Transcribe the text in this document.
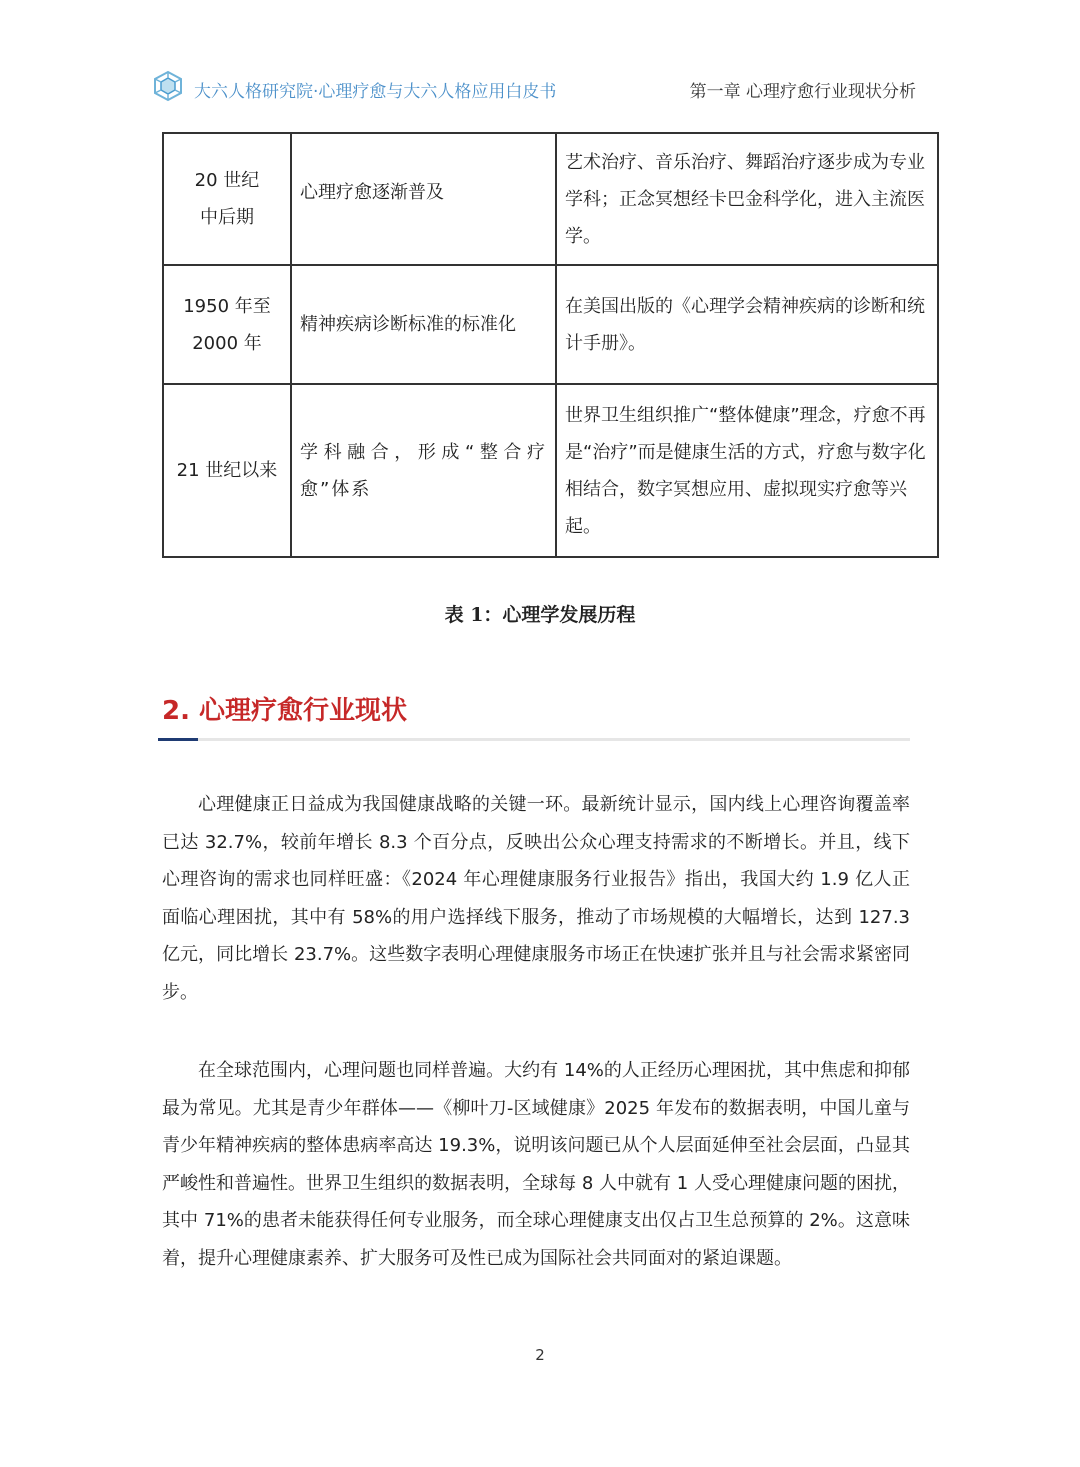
大六人格研究院·心理疗愈与大六人格应用白皮书	第一章 心理疗愈行业现状分析
20 世纪
中后期	心理疗愈逐渐普及	艺术治疗、音乐治疗、舞蹈治疗逐步成为专业学科；正念冥想经卡巴金科学化，进入主流医学。

1950 年至
2000 年	精神疾病诊断标准的标准化	在美国出版的《心理学会精神疾病的诊断和统计手册》。

21 世纪以来	学科融合，形成“整合疗愈”体系	世界卫生组织推广“整体健康”理念，疗愈不再是“治疗”而是健康生活的方式，疗愈与数字化相结合，数字冥想应用、虚拟现实疗愈等兴起。
表 1：心理学发展历程
2. 心理疗愈行业现状

心理健康正日益成为我国健康战略的关键一环。最新统计显示，国内线上心理咨询覆盖率已达 32.7%，较前年增长 8.3 个百分点，反映出公众心理支持需求的不断增长。并且，线下心理咨询的需求也同样旺盛：《2024 年心理健康服务行业报告》指出，我国大约 1.9 亿人正面临心理困扰，其中有 58%的用户选择线下服务，推动了市场规模的大幅增长，达到 127.3 亿元，同比增长 23.7%。这些数字表明心理健康服务市场正在快速扩张并且与社会需求紧密同步。

在全球范围内，心理问题也同样普遍。大约有 14%的人正经历心理困扰，其中焦虑和抑郁最为常见。尤其是青少年群体——《柳叶刀-区域健康》2025 年发布的数据表明，中国儿童与青少年精神疾病的整体患病率高达 19.3%，说明该问题已从个人层面延伸至社会层面，凸显其严峻性和普遍性。世界卫生组织的数据表明，全球每 8 人中就有 1 人受心理健康问题的困扰，其中 71%的患者未能获得任何专业服务，而全球心理健康支出仅占卫生总预算的 2%。这意味着，提升心理健康素养、扩大服务可及性已成为国际社会共同面对的紧迫课题。

2
